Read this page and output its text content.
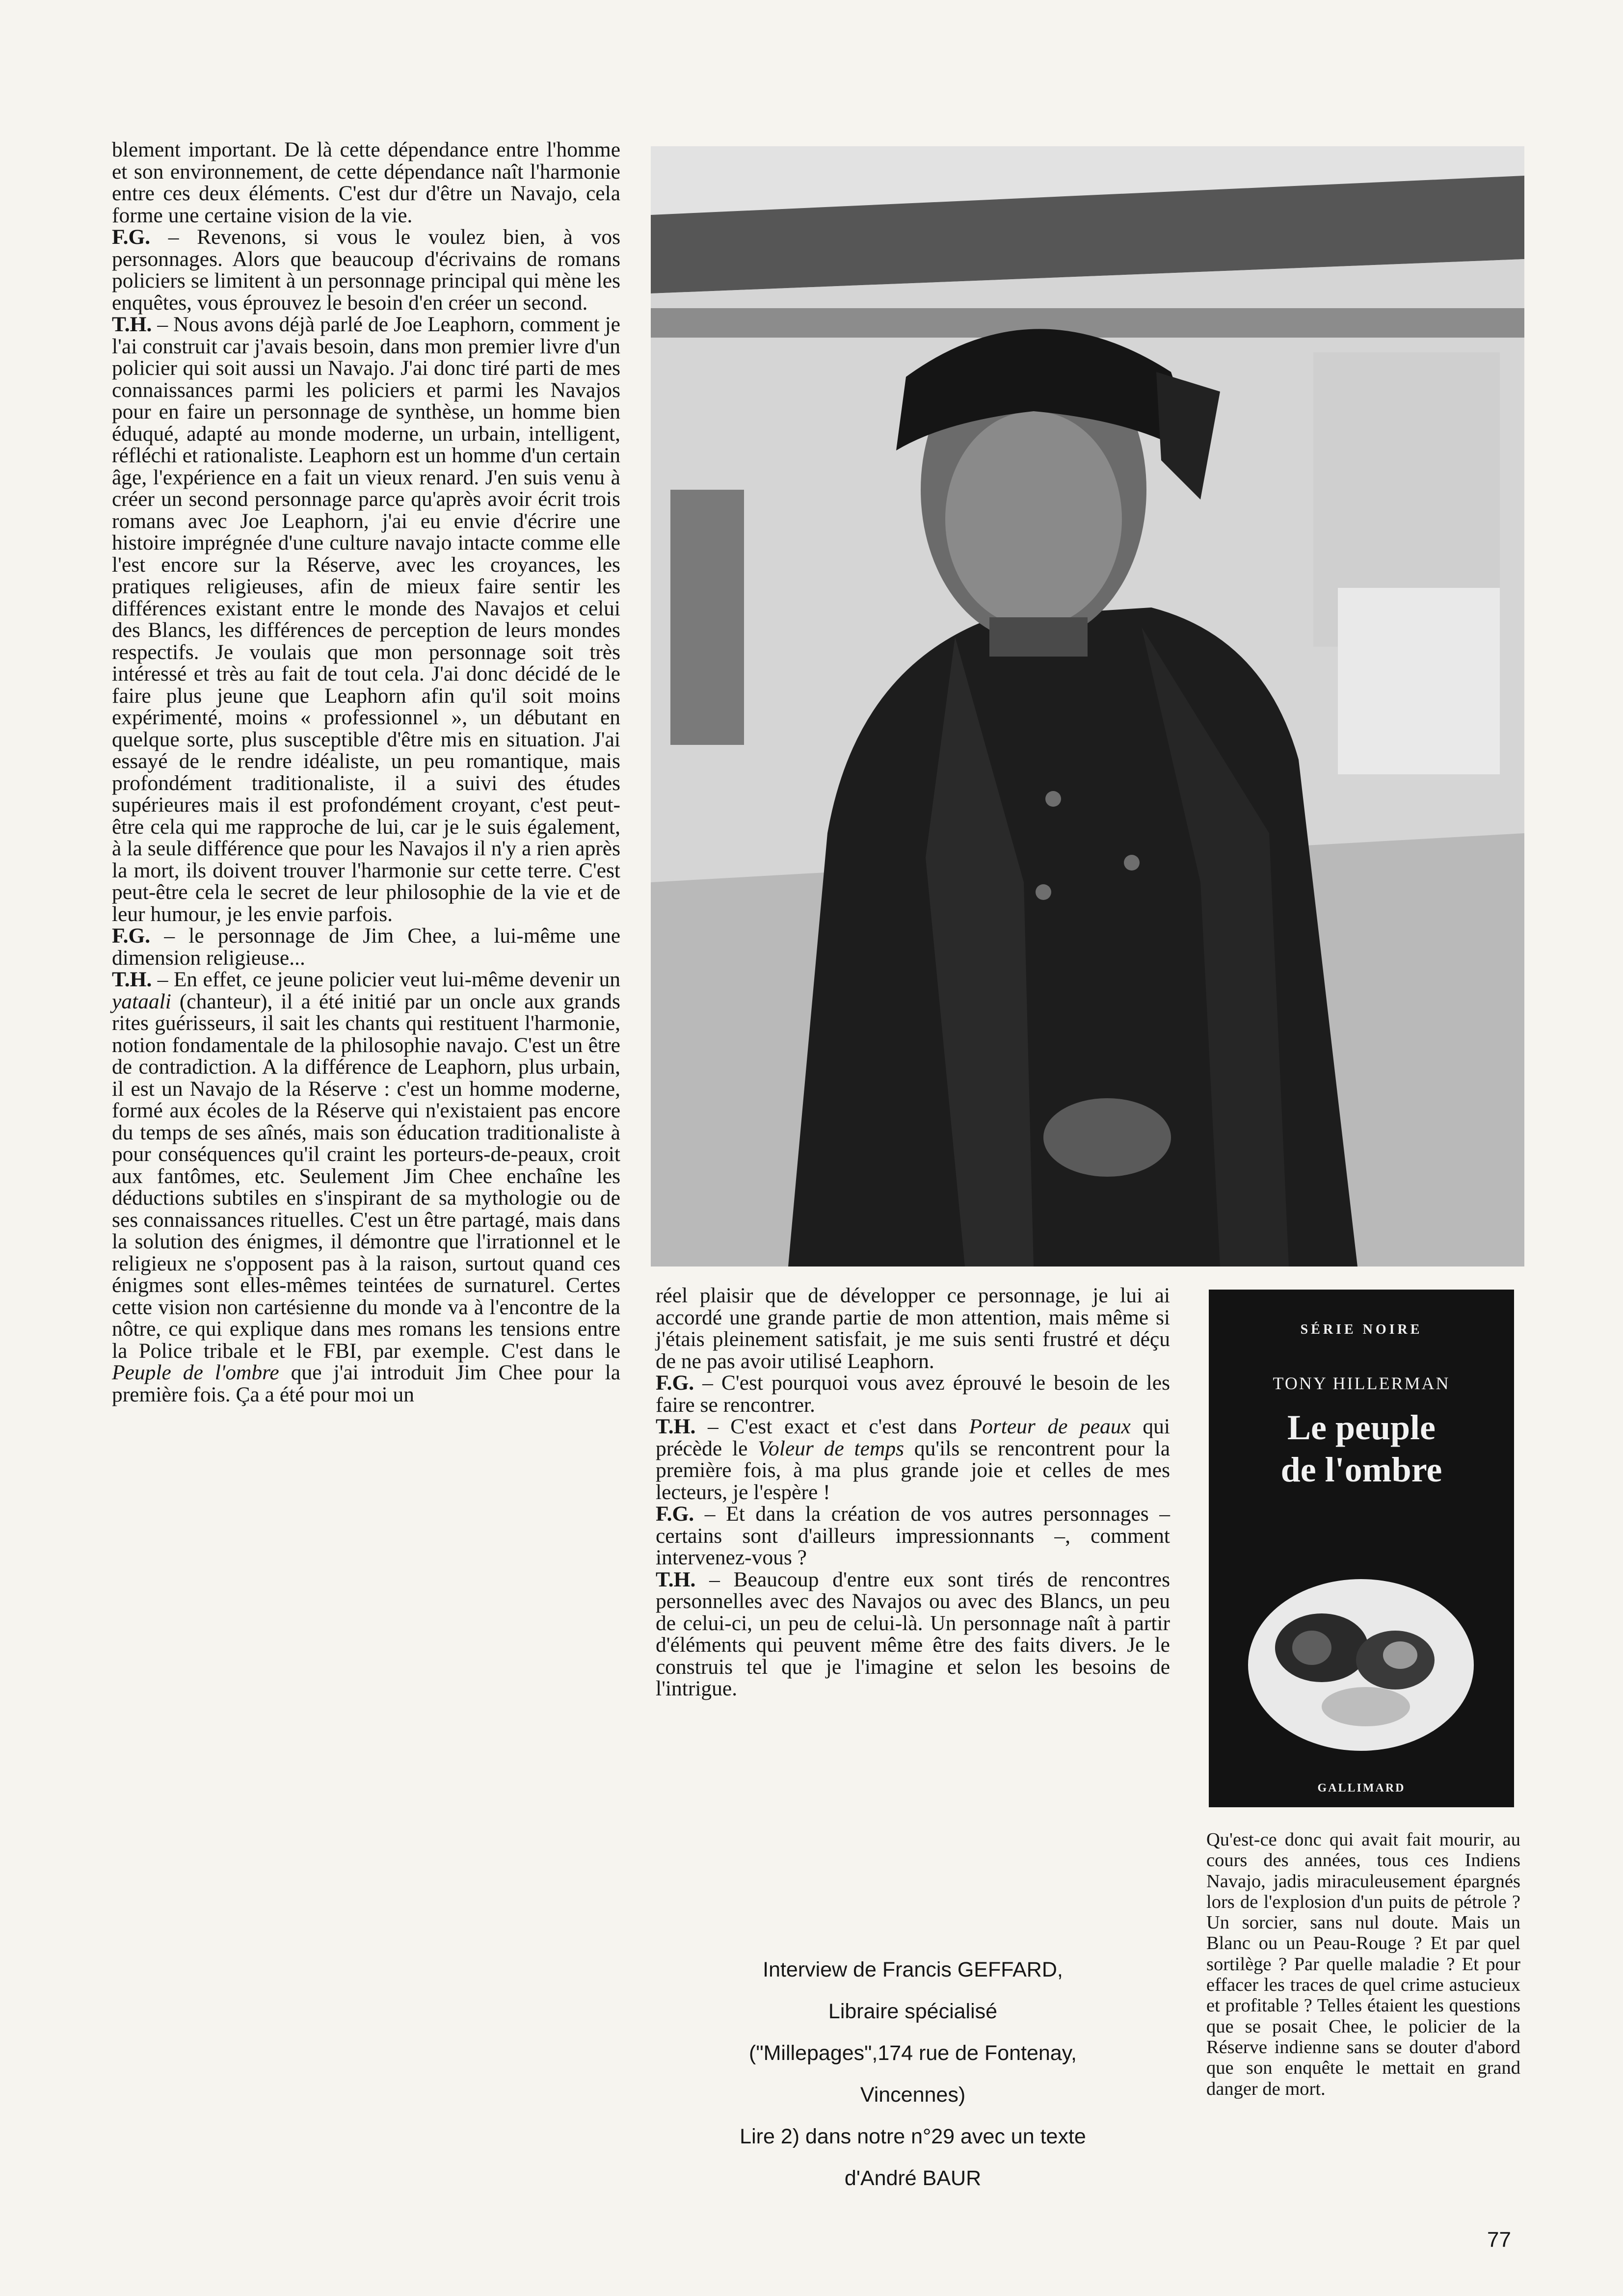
blement important. De là cette dépendance entre l'homme et son environnement, de cette dépendance naît l'harmonie entre ces deux éléments. C'est dur d'être un Navajo, cela forme une certaine vision de la vie.

F.G. – Revenons, si vous le voulez bien, à vos personnages. Alors que beaucoup d'écrivains de romans policiers se limitent à un personnage principal qui mène les enquêtes, vous éprouvez le besoin d'en créer un second.

T.H. – Nous avons déjà parlé de Joe Leaphorn, comment je l'ai construit car j'avais besoin, dans mon premier livre d'un policier qui soit aussi un Navajo. J'ai donc tiré parti de mes connaissances parmi les policiers et parmi les Navajos pour en faire un personnage de synthèse, un homme bien éduqué, adapté au monde moderne, un urbain, intelligent, réfléchi et rationaliste. Leaphorn est un homme d'un certain âge, l'expérience en a fait un vieux renard. J'en suis venu à créer un second personnage parce qu'après avoir écrit trois romans avec Joe Leaphorn, j'ai eu envie d'écrire une histoire imprégnée d'une culture navajo intacte comme elle l'est encore sur la Réserve, avec les croyances, les pratiques religieuses, afin de mieux faire sentir les différences existant entre le monde des Navajos et celui des Blancs, les différences de perception de leurs mondes respectifs. Je voulais que mon personnage soit très intéressé et très au fait de tout cela. J'ai donc décidé de le faire plus jeune que Leaphorn afin qu'il soit moins expérimenté, moins « professionnel », un débutant en quelque sorte, plus susceptible d'être mis en situation. J'ai essayé de le rendre idéaliste, un peu romantique, mais profondément traditionaliste, il a suivi des études supérieures mais il est profondément croyant, c'est peut-être cela qui me rapproche de lui, car je le suis également, à la seule différence que pour les Navajos il n'y a rien après la mort, ils doivent trouver l'harmonie sur cette terre. C'est peut-être cela le secret de leur philosophie de la vie et de leur humour, je les envie parfois.

F.G. – le personnage de Jim Chee, a lui-même une dimension religieuse...

T.H. – En effet, ce jeune policier veut lui-même devenir un yataali (chanteur), il a été initié par un oncle aux grands rites guérisseurs, il sait les chants qui restituent l'harmonie, notion fondamentale de la philosophie navajo. C'est un être de contradiction. A la différence de Leaphorn, plus urbain, il est un Navajo de la Réserve : c'est un homme moderne, formé aux écoles de la Réserve qui n'existaient pas encore du temps de ses aînés, mais son éducation traditionaliste à pour conséquences qu'il craint les porteurs-de-peaux, croit aux fantômes, etc. Seulement Jim Chee enchaîne les déductions subtiles en s'inspirant de sa mythologie ou de ses connaissances rituelles. C'est un être partagé, mais dans la solution des énigmes, il démontre que l'irrationnel et le religieux ne s'opposent pas à la raison, surtout quand ces énigmes sont elles-mêmes teintées de surnaturel. Certes cette vision non cartésienne du monde va à l'encontre de la nôtre, ce qui explique dans mes romans les tensions entre la Police tribale et le FBI, par exemple. C'est dans le Peuple de l'ombre que j'ai introduit Jim Chee pour la première fois. Ça a été pour moi un

réel plaisir que de développer ce personnage, je lui ai accordé une grande partie de mon attention, mais même si j'étais pleinement satisfait, je me suis senti frustré et déçu de ne pas avoir utilisé Leaphorn.

F.G. – C'est pourquoi vous avez éprouvé le besoin de les faire se rencontrer.

T.H. – C'est exact et c'est dans Porteur de peaux qui précède le Voleur de temps qu'ils se rencontrent pour la première fois, à ma plus grande joie et celles de mes lecteurs, je l'espère !

F.G. – Et dans la création de vos autres personnages – certains sont d'ailleurs impressionnants –, comment intervenez-vous ?

T.H. – Beaucoup d'entre eux sont tirés de rencontres personnelles avec des Navajos ou avec des Blancs, un peu de celui-ci, un peu de celui-là. Un personnage naît à partir d'éléments qui peuvent même être des faits divers. Je le construis tel que je l'imagine et selon les besoins de l'intrigue.

Interview de Francis GEFFARD,
Libraire spécialisé
("Millepages",174 rue de Fontenay,
Vincennes)
Lire 2) dans notre n°29 avec un texte
d'André BAUR
SÉRIE NOIRE
TONY HILLERMAN
Le peuple
de l'ombre
GALLIMARD
Qu'est-ce donc qui avait fait mourir, au cours des années, tous ces Indiens Navajo, jadis miraculeusement épargnés lors de l'explosion d'un puits de pétrole ? Un sorcier, sans nul doute. Mais un Blanc ou un Peau-Rouge ? Et par quel sortilège ? Par quelle maladie ? Et pour effacer les traces de quel crime astucieux et profitable ? Telles étaient les questions que se posait Chee, le policier de la Réserve indienne sans se douter d'abord que son enquête le mettait en grand danger de mort.
77
